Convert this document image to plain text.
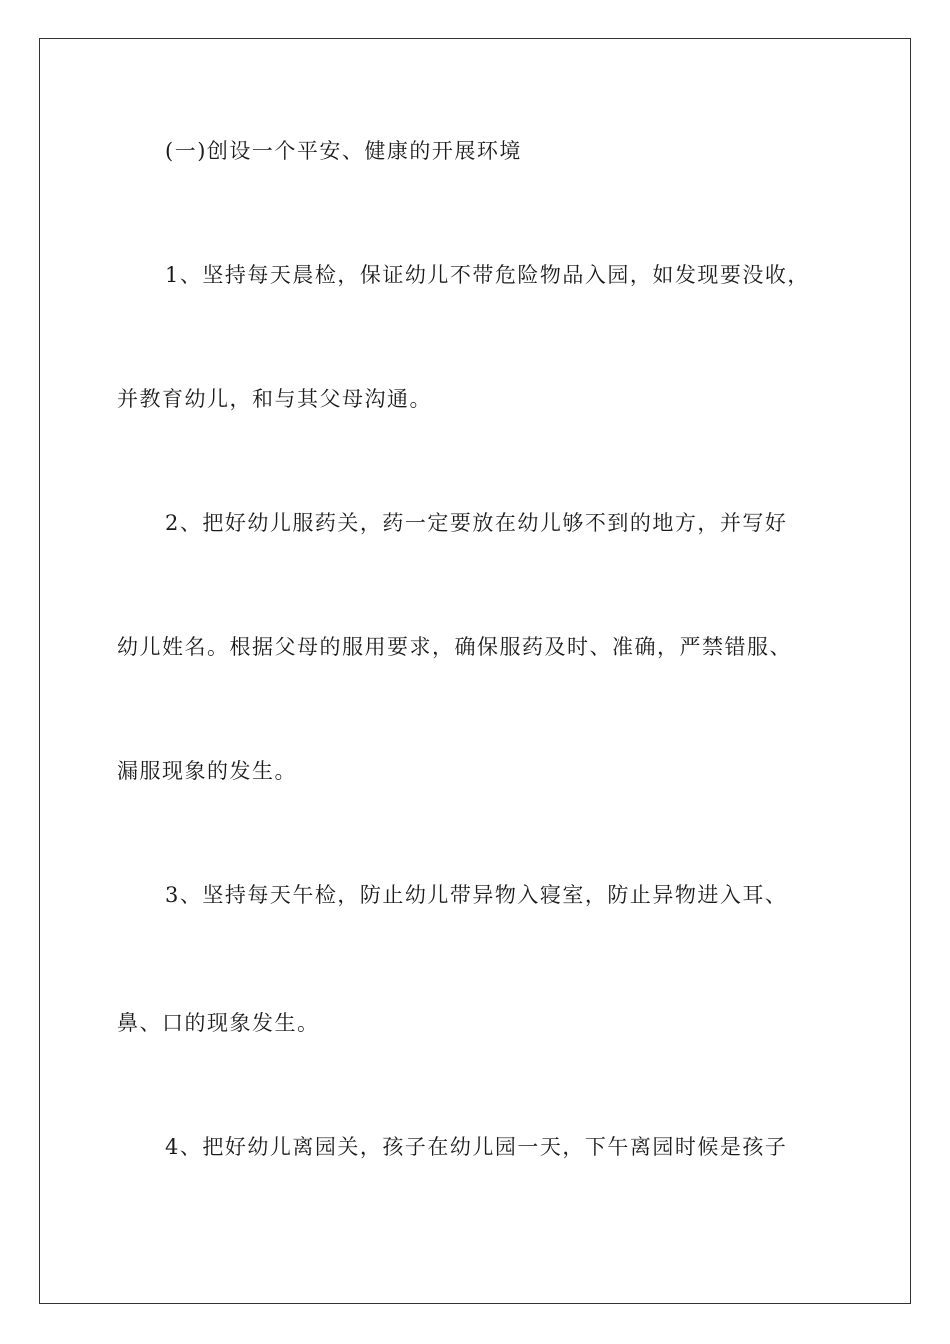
(一)创设一个平安、健康的开展环境
1、坚持每天晨检，保证幼儿不带危险物品入园，如发现要没收，
并教育幼儿，和与其父母沟通。
2、把好幼儿服药关，药一定要放在幼儿够不到的地方，并写好
幼儿姓名。根据父母的服用要求，确保服药及时、准确，严禁错服、
漏服现象的发生。
3、坚持每天午检，防止幼儿带异物入寝室，防止异物进入耳、
鼻、口的现象发生。
4、把好幼儿离园关，孩子在幼儿园一天，下午离园时候是孩子
